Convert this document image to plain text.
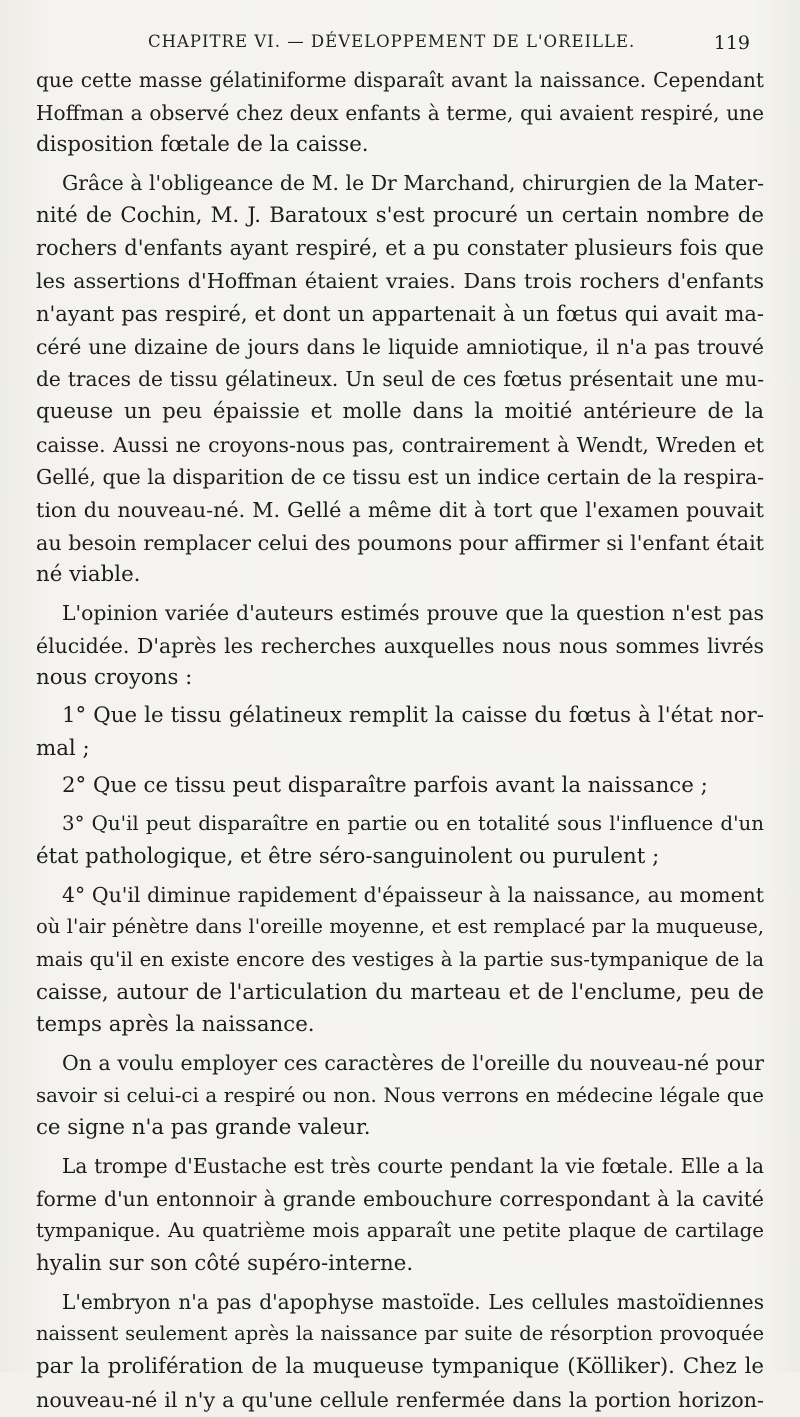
CHAPITRE VI. — DÉVELOPPEMENT DE L'OREILLE.	119
que cette masse gélatiniforme disparaît avant la naissance. Cependant
Hoffman a observé chez deux enfants à terme, qui avaient respiré, une
disposition fœtale de la caisse.
Grâce à l'obligeance de M. le Dr Marchand, chirurgien de la Mater-
nité de Cochin, M. J. Baratoux s'est procuré un certain nombre de
rochers d'enfants ayant respiré, et a pu constater plusieurs fois que
les assertions d'Hoffman étaient vraies. Dans trois rochers d'enfants
n'ayant pas respiré, et dont un appartenait à un fœtus qui avait ma-
céré une dizaine de jours dans le liquide amniotique, il n'a pas trouvé
de traces de tissu gélatineux. Un seul de ces fœtus présentait une mu-
queuse un peu épaissie et molle dans la moitié antérieure de la
caisse. Aussi ne croyons-nous pas, contrairement à Wendt, Wreden et
Gellé, que la disparition de ce tissu est un indice certain de la respira-
tion du nouveau-né. M. Gellé a même dit à tort que l'examen pouvait
au besoin remplacer celui des poumons pour affirmer si l'enfant était
né viable.
L'opinion variée d'auteurs estimés prouve que la question n'est pas
élucidée. D'après les recherches auxquelles nous nous sommes livrés
nous croyons :
1° Que le tissu gélatineux remplit la caisse du fœtus à l'état nor-
mal ;
2° Que ce tissu peut disparaître parfois avant la naissance ;
3° Qu'il peut disparaître en partie ou en totalité sous l'influence d'un
état pathologique, et être séro-sanguinolent ou purulent ;
4° Qu'il diminue rapidement d'épaisseur à la naissance, au moment
où l'air pénètre dans l'oreille moyenne, et est remplacé par la muqueuse,
mais qu'il en existe encore des vestiges à la partie sus-tympanique de la
caisse, autour de l'articulation du marteau et de l'enclume, peu de
temps après la naissance.
On a voulu employer ces caractères de l'oreille du nouveau-né pour
savoir si celui-ci a respiré ou non. Nous verrons en médecine légale que
ce signe n'a pas grande valeur.
La trompe d'Eustache est très courte pendant la vie fœtale. Elle a la
forme d'un entonnoir à grande embouchure correspondant à la cavité
tympanique. Au quatrième mois apparaît une petite plaque de cartilage
hyalin sur son côté supéro-interne.
L'embryon n'a pas d'apophyse mastoïde. Les cellules mastoïdiennes
naissent seulement après la naissance par suite de résorption provoquée
par la prolifération de la muqueuse tympanique (Kölliker). Chez le
nouveau-né il n'y a qu'une cellule renfermée dans la portion horizon-
